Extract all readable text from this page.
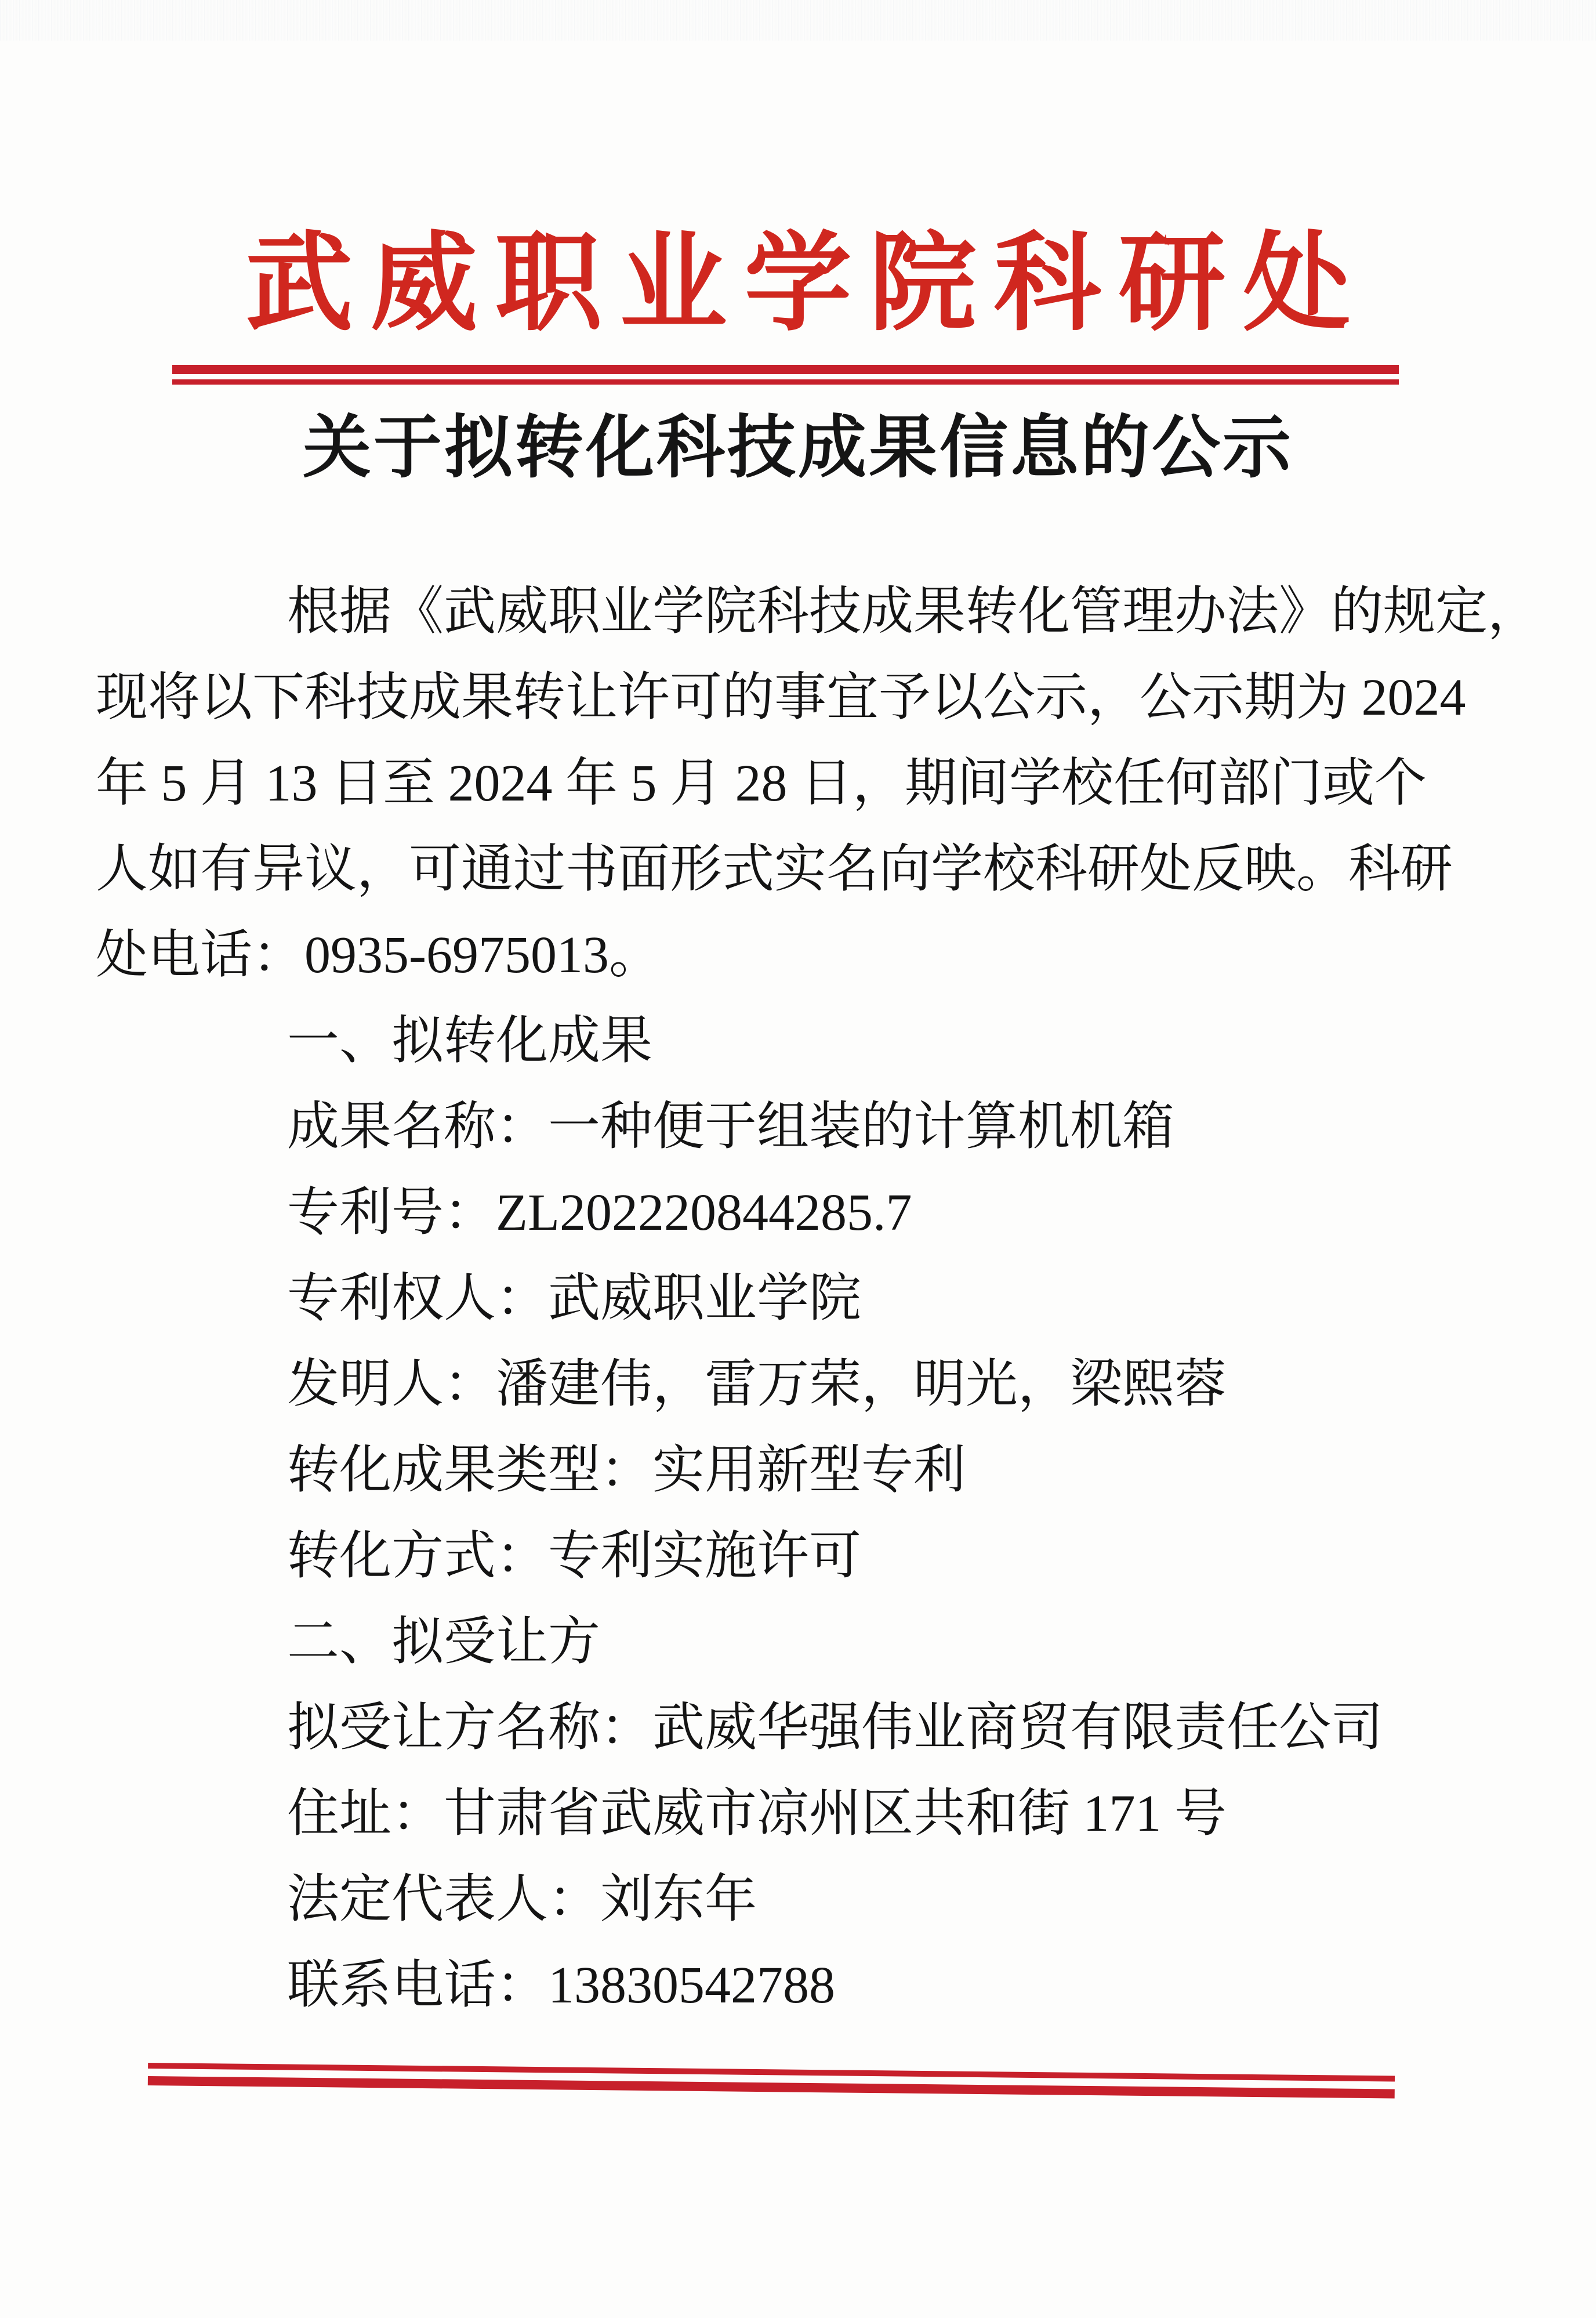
武威职业学院科研处
关于拟转化科技成果信息的公示
根据《武威职业学院科技成果转化管理办法》的规定，
现将以下科技成果转让许可的事宜予以公示，公示期为 2024
年 5 月 13 日至 2024 年 5 月 28 日，期间学校任何部门或个
人如有异议，可通过书面形式实名向学校科研处反映。科研
处电话：0935-6975013。
一、拟转化成果
成果名称：一种便于组装的计算机机箱
专利号：ZL202220844285.7
专利权人：武威职业学院
发明人：潘建伟，雷万荣，明光，梁熙蓉
转化成果类型：实用新型专利
转化方式：专利实施许可
二、拟受让方
拟受让方名称：武威华强伟业商贸有限责任公司
住址：甘肃省武威市凉州区共和街 171 号
法定代表人：刘东年
联系电话：13830542788
